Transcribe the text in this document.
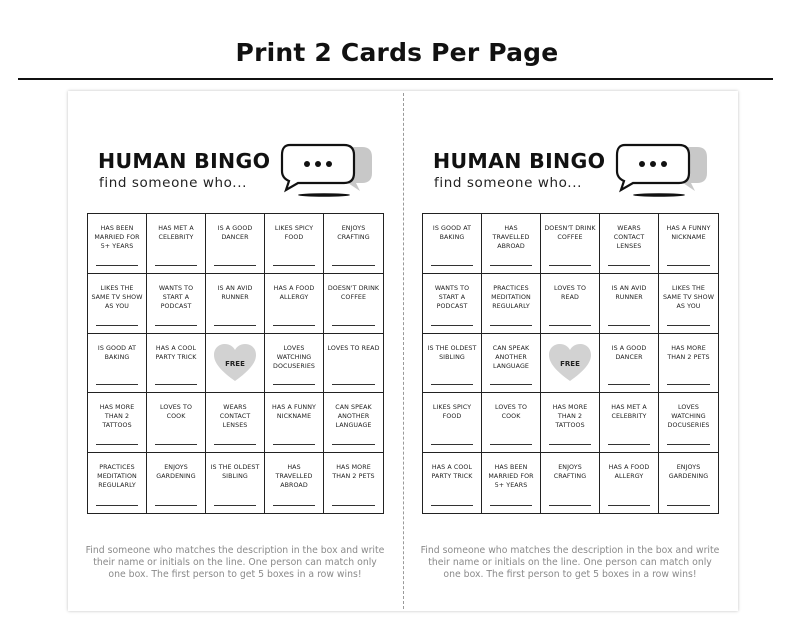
Print 2 Cards Per Page
HUMAN BINGO
find someone who...
HAS BEEN MARRIED FOR 5+ YEARS
HAS MET A CELEBRITY
IS A GOOD DANCER
LIKES SPICY FOOD
ENJOYS CRAFTING
LIKES THE SAME TV SHOW AS YOU
WANTS TO START A PODCAST
IS AN AVID RUNNER
HAS A FOOD ALLERGY
DOESN'T DRINK COFFEE
IS GOOD AT BAKING
HAS A COOL PARTY TRICK
FREE
LOVES WATCHING DOCUSERIES
LOVES TO READ
HAS MORE THAN 2 TATTOOS
LOVES TO COOK
WEARS CONTACT LENSES
HAS A FUNNY NICKNAME
CAN SPEAK ANOTHER LANGUAGE
PRACTICES MEDITATION REGULARLY
ENJOYS GARDENING
IS THE OLDEST SIBLING
HAS TRAVELLED ABROAD
HAS MORE THAN 2 PETS
Find someone who matches the description in the box and write their name or initials on the line. One person can match only one box. The first person to get 5 boxes in a row wins!
HUMAN BINGO
find someone who...
IS GOOD AT BAKING
HAS TRAVELLED ABROAD
DOESN'T DRINK COFFEE
WEARS CONTACT LENSES
HAS A FUNNY NICKNAME
WANTS TO START A PODCAST
PRACTICES MEDITATION REGULARLY
LOVES TO READ
IS AN AVID RUNNER
LIKES THE SAME TV SHOW AS YOU
IS THE OLDEST SIBLING
CAN SPEAK ANOTHER LANGUAGE	FREE
IS A GOOD DANCER
HAS MORE THAN 2 PETS
LIKES SPICY FOOD
LOVES TO COOK
HAS MORE THAN 2 TATTOOS
HAS MET A CELEBRITY
LOVES WATCHING DOCUSERIES
HAS A COOL PARTY TRICK
HAS BEEN MARRIED FOR 5+ YEARS
ENJOYS CRAFTING
HAS A FOOD ALLERGY
ENJOYS GARDENING
Find someone who matches the description in the box and write their name or initials on the line. One person can match only one box. The first person to get 5 boxes in a row wins!
